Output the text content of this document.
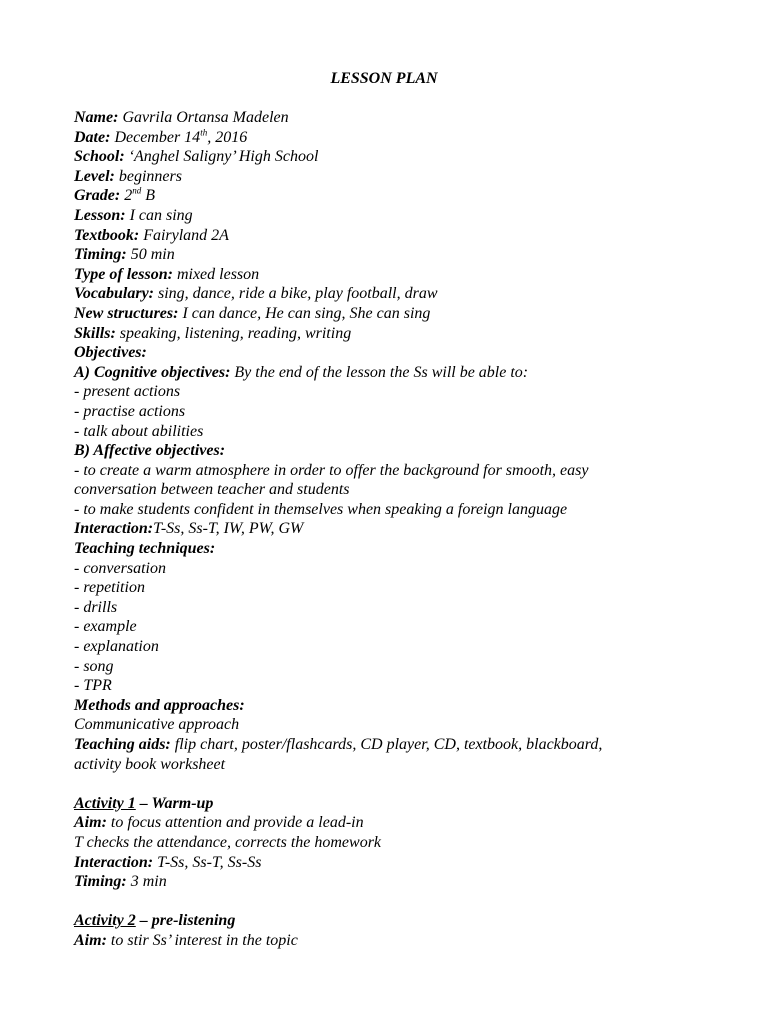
LESSON PLAN
Name: Gavrila Ortansa Madelen
Date: December 14th, 2016
School: ‘Anghel Saligny’ High School
Level: beginners
Grade: 2nd B
Lesson: I can sing
Textbook: Fairyland 2A
Timing: 50 min
Type of lesson: mixed lesson
Vocabulary: sing, dance, ride a bike, play football, draw
New structures: I can dance, He can sing, She can sing
Skills: speaking, listening, reading, writing
Objectives:
A) Cognitive objectives: By the end of the lesson the Ss will be able to:
- present actions
- practise actions
- talk about abilities
B) Affective objectives:
- to create a warm atmosphere in order to offer the background for smooth, easy
conversation between teacher and students
- to make students confident in themselves when speaking a foreign language
Interaction:T-Ss, Ss-T, IW, PW, GW
Teaching techniques:
- conversation
- repetition
- drills
- example
- explanation
- song
- TPR
Methods and approaches:
Communicative approach
Teaching aids: flip chart, poster/flashcards, CD player, CD, textbook, blackboard,
activity book worksheet
Activity 1 – Warm-up
Aim: to focus attention and provide a lead-in
T checks the attendance, corrects the homework
Interaction: T-Ss, Ss-T, Ss-Ss
Timing: 3 min
Activity 2 – pre-listening
Aim: to stir Ss’ interest in the topic
